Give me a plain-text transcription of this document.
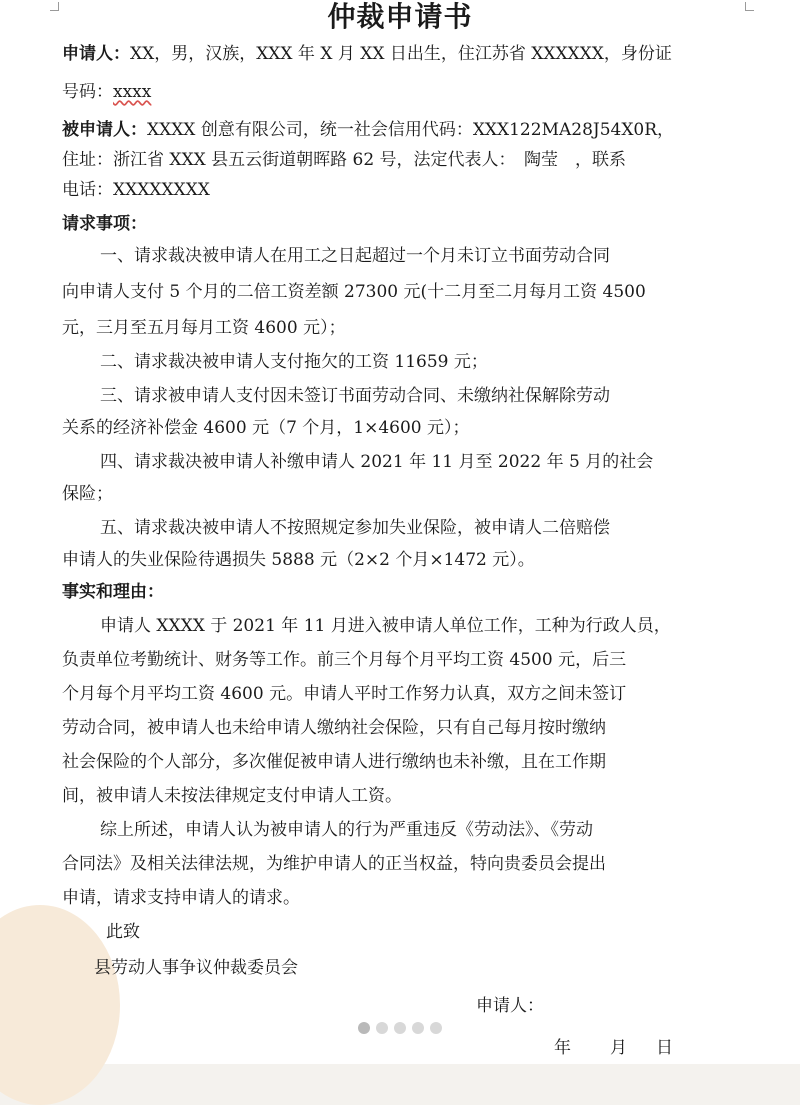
仲裁申请书
申请人：XX，男，汉族，XXX 年 X 月 XX 日出生，住江苏省 XXXXXX，身份证
号码：xxxx
被申请人：XXXX 创意有限公司，统一社会信用代码：XXX122MA28J54X0R，
住址：浙江省 XXX 县五云街道朝晖路 62 号，法定代表人：　陶莹　，联系
电话：XXXXXXXX
请求事项：
一、请求裁决被申请人在用工之日起超过一个月未订立书面劳动合同
向申请人支付 5 个月的二倍工资差额 27300 元(十二月至二月每月工资 4500
元，三月至五月每月工资 4600 元）；
二、请求裁决被申请人支付拖欠的工资 11659 元；
三、请求被申请人支付因未签订书面劳动合同、未缴纳社保解除劳动
关系的经济补偿金 4600 元（7 个月，1×4600 元）；
四、请求裁决被申请人补缴申请人 2021 年 11 月至 2022 年 5 月的社会
保险；
五、请求裁决被申请人不按照规定参加失业保险，被申请人二倍赔偿
申请人的失业保险待遇损失 5888 元（2×2 个月×1472 元）。
事实和理由：
申请人 XXXX 于 2021 年 11 月进入被申请人单位工作，工种为行政人员，
负责单位考勤统计、财务等工作。前三个月每个月平均工资 4500 元，后三
个月每个月平均工资 4600 元。申请人平时工作努力认真，双方之间未签订
劳动合同，被申请人也未给申请人缴纳社会保险，只有自己每月按时缴纳
社会保险的个人部分，多次催促被申请人进行缴纳也未补缴，且在工作期
间，被申请人未按法律规定支付申请人工资。
综上所述，申请人认为被申请人的行为严重违反《劳动法》、《劳动
合同法》及相关法律法规，为维护申请人的正当权益，特向贵委员会提出
申请，请求支持申请人的请求。
此致
县劳动人事争议仲裁委员会
申请人：
年 月 日
